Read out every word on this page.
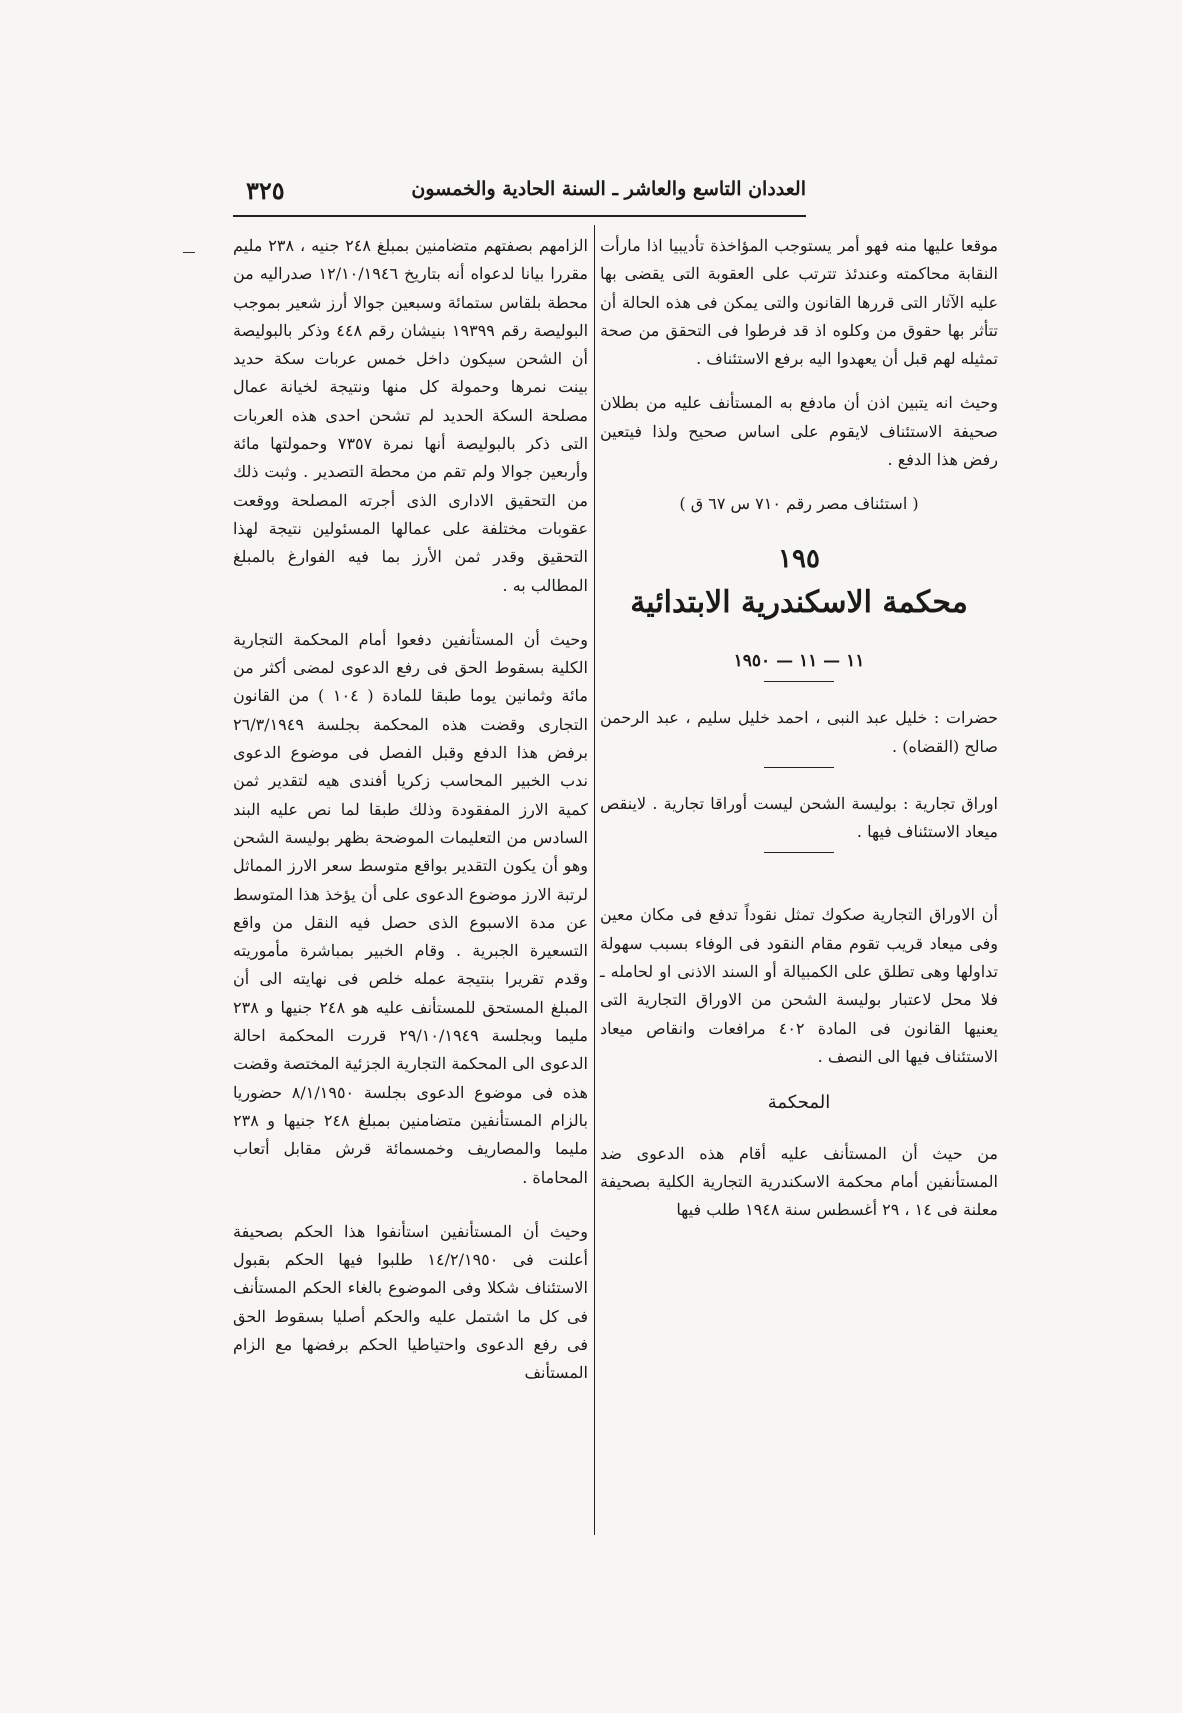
العددان التاسع والعاشر ـ السنة الحادية والخمسون
٣٢٥

موقعا عليها منه فهو أمر يستوجب المؤاخذة تأديبيا اذا مارأت النقابة محاكمته وعندئذ تترتب على العقوبة التى يقضى بها عليه الآثار التى قررها القانون والتى يمكن فى هذه الحالة أن تتأثر بها حقوق من وكلوه اذ قد فرطوا فى التحقق من صحة تمثيله لهم قبل أن يعهدوا اليه برفع الاستئناف .

وحيث انه يتبين اذن أن مادفع به المستأنف عليه من بطلان صحيفة الاستئناف لايقوم على اساس صحيح ولذا فيتعين رفض هذا الدفع .

( استئناف مصر رقم ٧١٠ س ٦٧ ق )

١٩٥
محكمة الاسكندرية الابتدائية
١١ — ١١ — ١٩٥٠

حضرات : خليل عبد النبى ، احمد خليل سليم ، عبد الرحمن صالح (القضاه) .

اوراق تجارية : بوليسة الشحن ليست أوراقا تجارية . لاينقص ميعاد الاستئناف فيها .

أن الاوراق التجارية صكوك تمثل نقوداً تدفع فى مكان معين وفى ميعاد قريب تقوم مقام النقود فى الوفاء بسبب سهولة تداولها وهى تطلق على الكمبيالة أو السند الاذنى او لحامله ـ فلا محل لاعتبار بوليسة الشحن من الاوراق التجارية التى يعنيها القانون فى المادة ٤٠٢ مرافعات وانقاص ميعاد الاستئناف فيها الى النصف .

المحكمة

من حيث أن المستأنف عليه أقام هذه الدعوى ضد المستأنفين أمام محكمة الاسكندرية التجارية الكلية بصحيفة معلنة فى ١٤ ، ٢٩ أغسطس سنة ١٩٤٨ طلب فيها

الزامهم بصفتهم متضامنين بمبلغ ٢٤٨ جنيه ، ٢٣٨ مليم مقررا بيانا لدعواه أنه بتاريخ ١٢/١٠/١٩٤٦ صدراليه من محطة بلقاس ستمائة وسبعين جوالا أرز شعير بموجب البوليصة رقم ١٩٣٩٩ بنيشان رقم ٤٤٨ وذكر بالبوليصة أن الشحن سيكون داخل خمس عربات سكة حديد بينت نمرها وحمولة كل منها ونتيجة لخيانة عمال مصلحة السكة الحديد لم تشحن احدى هذه العربات التى ذكر بالبوليصة أنها نمرة ٧٣٥٧ وحمولتها مائة وأربعين جوالا ولم تقم من محطة التصدير . وثبت ذلك من التحقيق الادارى الذى أجرته المصلحة ووقعت عقوبات مختلفة على عمالها المسئولين نتيجة لهذا التحقيق وقدر ثمن الأرز بما فيه الفوارغ بالمبلغ المطالب به .

وحيث أن المستأنفين دفعوا أمام المحكمة التجارية الكلية بسقوط الحق فى رفع الدعوى لمضى أكثر من مائة وثمانين يوما طبقا للمادة ( ١٠٤ ) من القانون التجارى وقضت هذه المحكمة بجلسة ٢٦/٣/١٩٤٩ برفض هذا الدفع وقبل الفصل فى موضوع الدعوى ندب الخبير المحاسب زكريا أفندى هيه لتقدير ثمن كمية الارز المفقودة وذلك طبقا لما نص عليه البند السادس من التعليمات الموضحة بظهر بوليسة الشحن وهو أن يكون التقدير بواقع متوسط سعر الارز المماثل لرتبة الارز موضوع الدعوى على أن يؤخذ هذا المتوسط عن مدة الاسبوع الذى حصل فيه النقل من واقع التسعيرة الجبرية . وقام الخبير بمباشرة مأموريته وقدم تقريرا بنتيجة عمله خلص فى نهايته الى أن المبلغ المستحق للمستأنف عليه هو ٢٤٨ جنيها و ٢٣٨ مليما وبجلسة ٢٩/١٠/١٩٤٩ قررت المحكمة احالة الدعوى الى المحكمة التجارية الجزئية المختصة وقضت هذه فى موضوع الدعوى بجلسة ٨/١/١٩٥٠ حضوريا بالزام المستأنفين متضامنين بمبلغ ٢٤٨ جنيها و ٢٣٨ مليما والمصاريف وخمسمائة قرش مقابل أتعاب المحاماة .

وحيث أن المستأنفين استأنفوا هذا الحكم بصحيفة أعلنت فى ١٤/٢/١٩٥٠ طلبوا فيها الحكم بقبول الاستئناف شكلا وفى الموضوع بالغاء الحكم المستأنف فى كل ما اشتمل عليه والحكم أصليا بسقوط الحق فى رفع الدعوى واحتياطيا الحكم برفضها مع الزام المستأنف
